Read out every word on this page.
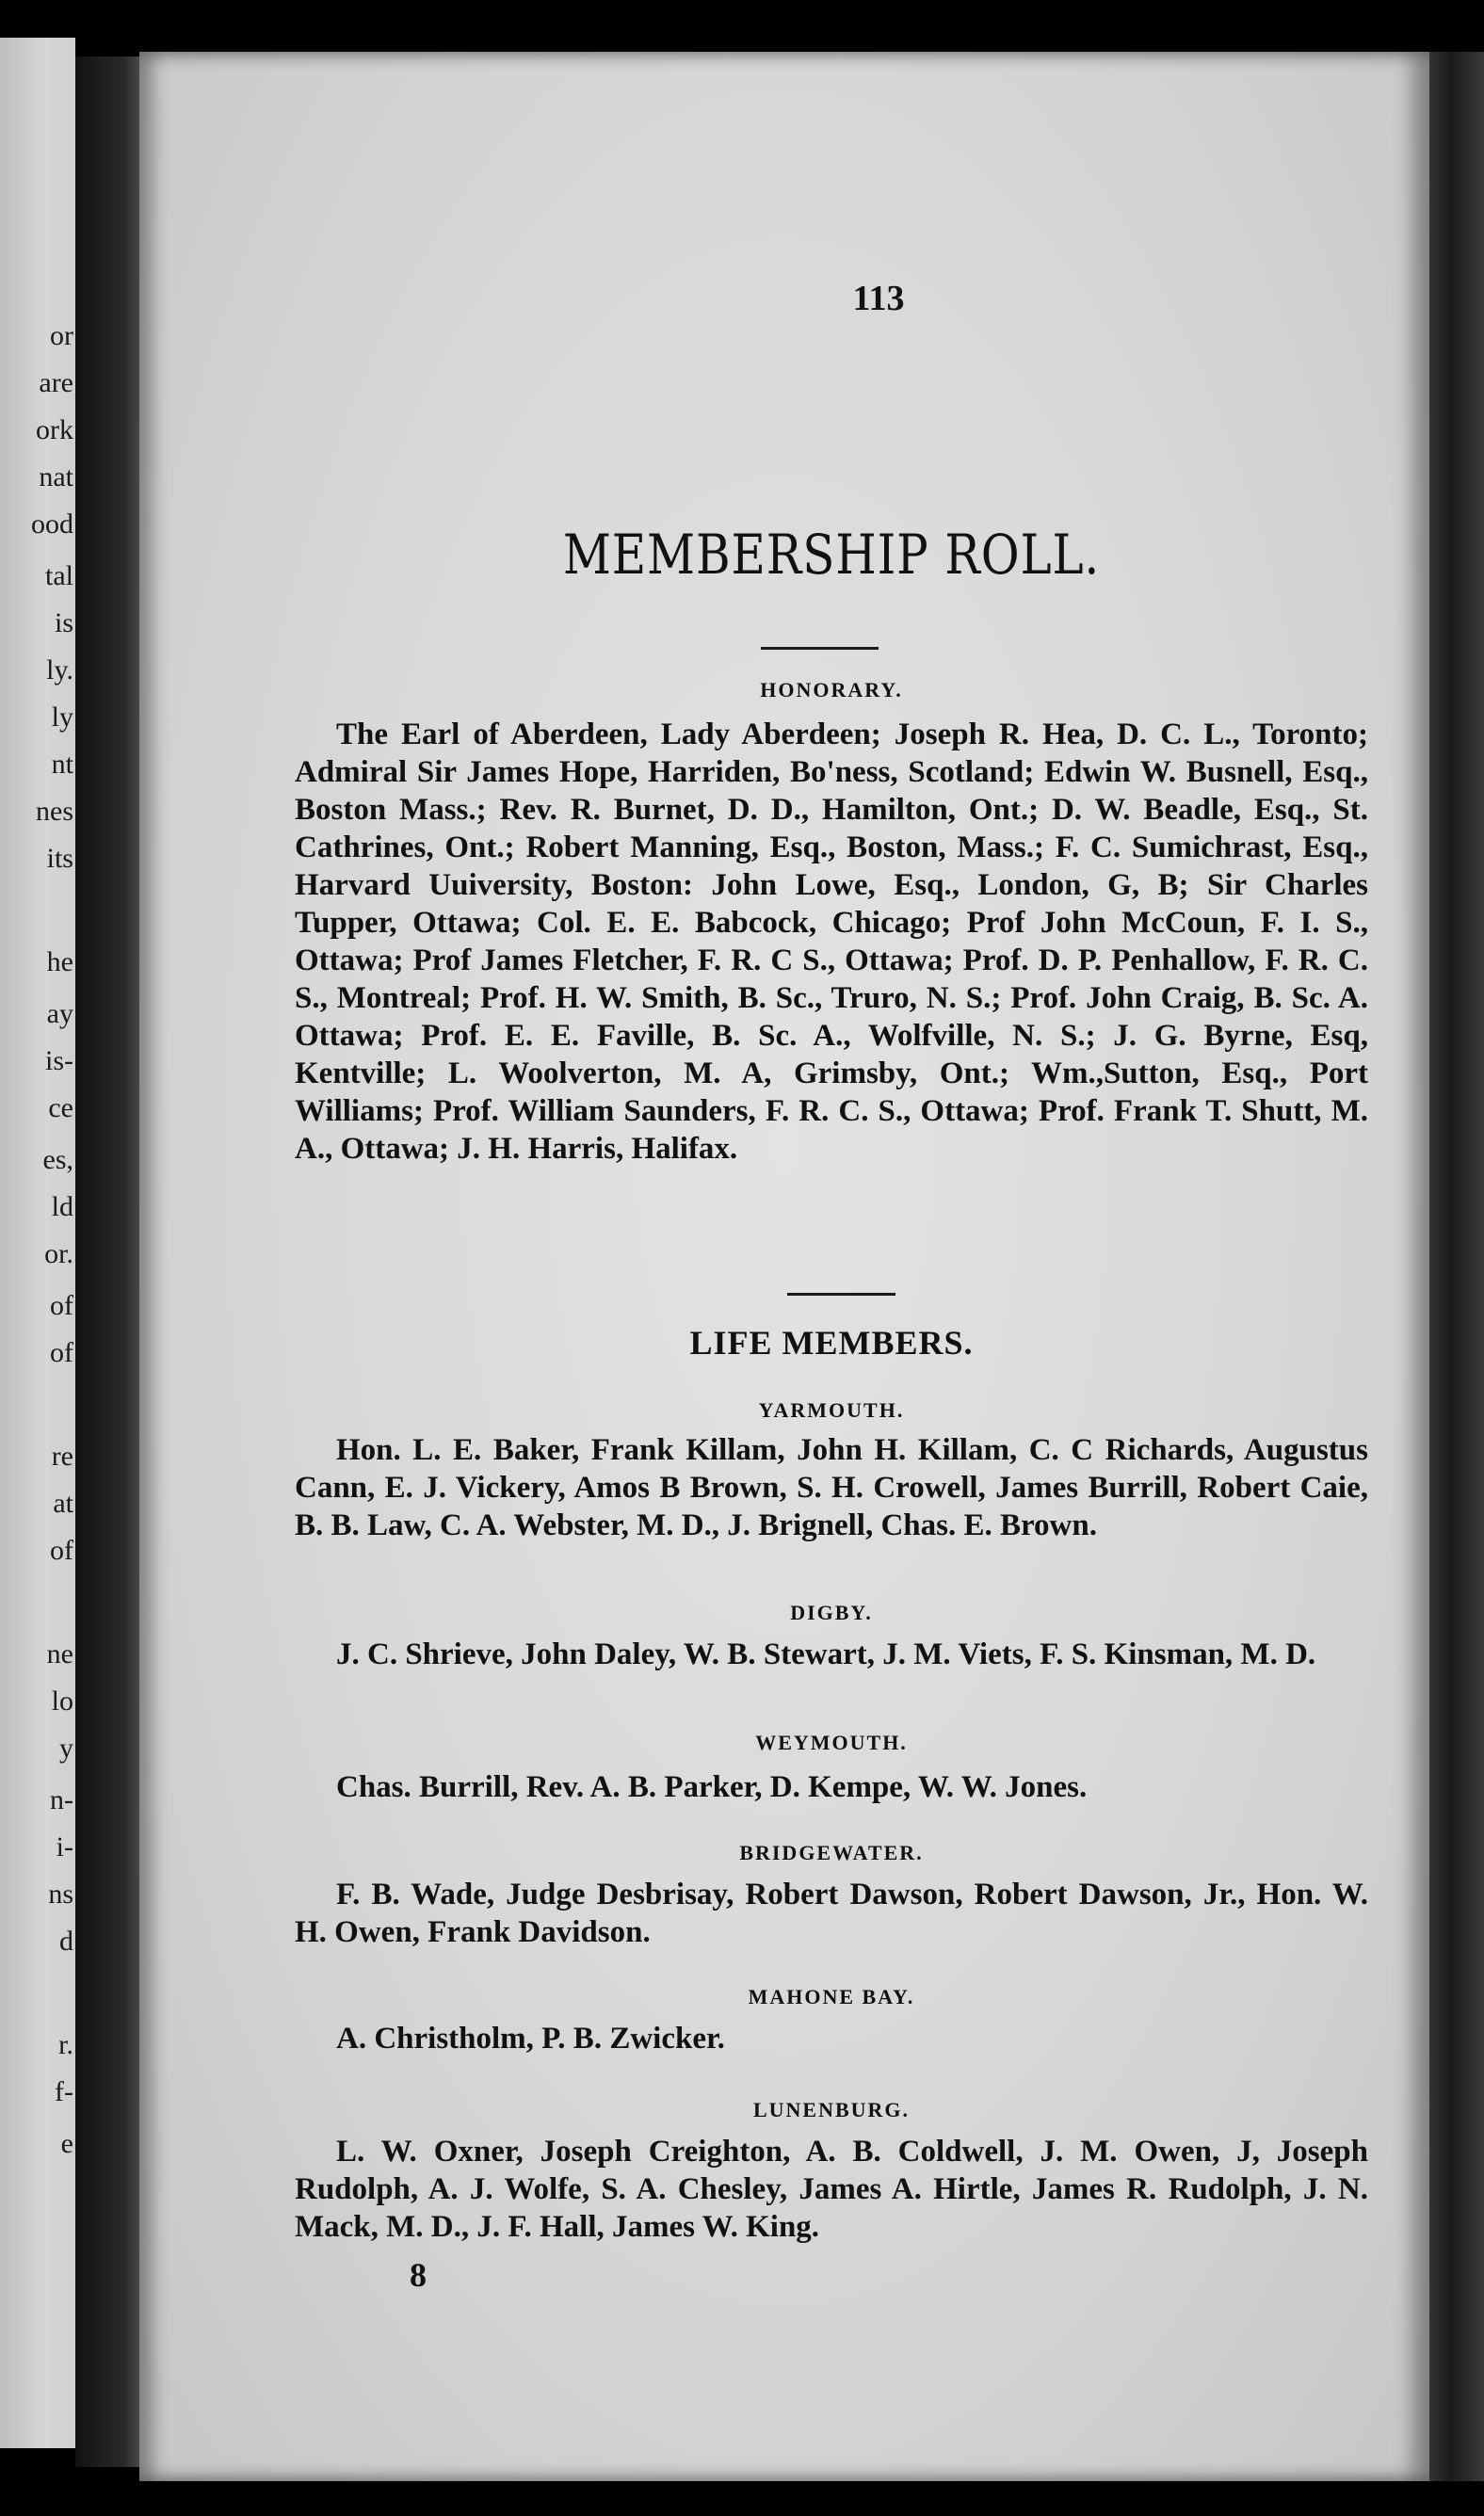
or
are
ork
nat
ood
tal
is
ly.
ly
nt
nes
its
he
ay
is-
ce
es,
ld
or.
of
of
re
at
of
ne
lo
y
n-
i-
ns
d
r.
f-
e
113
MEMBERSHIP ROLL.
HONORARY.
The Earl of Aberdeen, Lady Aberdeen; Joseph R. Hea, D. C. L., Toronto; Admiral Sir James Hope, Harriden, Bo'ness, Scotland; Edwin W. Busnell, Esq., Boston Mass.; Rev. R. Burnet, D. D., Hamilton, Ont.; D. W. Beadle, Esq., St. Cathrines, Ont.; Robert Manning, Esq., Boston, Mass.; F. C. Sumichrast, Esq., Harvard Uuiversity, Boston: John Lowe, Esq., London, G, B; Sir Charles Tupper, Ottawa; Col. E. E. Babcock, Chicago; Prof John McCoun, F. I. S., Ottawa; Prof James Fletcher, F. R. C S., Ottawa; Prof. D. P. Penhallow, F. R. C. S., Montreal; Prof. H. W. Smith, B. Sc., Truro, N. S.; Prof. John Craig, B. Sc. A. Ottawa; Prof. E. E. Faville, B. Sc. A., Wolfville, N. S.; J. G. Byrne, Esq, Kentville; L. Woolverton, M. A, Grimsby, Ont.; Wm.,Sutton, Esq., Port Williams; Prof. William Saunders, F. R. C. S., Ottawa; Prof. Frank T. Shutt, M. A., Ottawa; J. H. Harris, Halifax.
LIFE MEMBERS.
YARMOUTH.
Hon. L. E. Baker, Frank Killam, John H. Killam, C. C Richards, Augustus Cann, E. J. Vickery, Amos B Brown, S. H. Crowell, James Burrill, Robert Caie, B. B. Law, C. A. Webster, M. D., J. Brignell, Chas. E. Brown.
DIGBY.
J. C. Shrieve, John Daley, W. B. Stewart, J. M. Viets, F. S. Kinsman, M. D.
WEYMOUTH.
Chas. Burrill, Rev. A. B. Parker, D. Kempe, W. W. Jones.
BRIDGEWATER.
F. B. Wade, Judge Desbrisay, Robert Dawson, Robert Dawson, Jr., Hon. W. H. Owen, Frank Davidson.
MAHONE BAY.
A. Christholm, P. B. Zwicker.
LUNENBURG.
L. W. Oxner, Joseph Creighton, A. B. Coldwell, J. M. Owen, J, Joseph Rudolph, A. J. Wolfe, S. A. Chesley, James A. Hirtle, James R. Rudolph, J. N. Mack, M. D., J. F. Hall, James W. King.
8
